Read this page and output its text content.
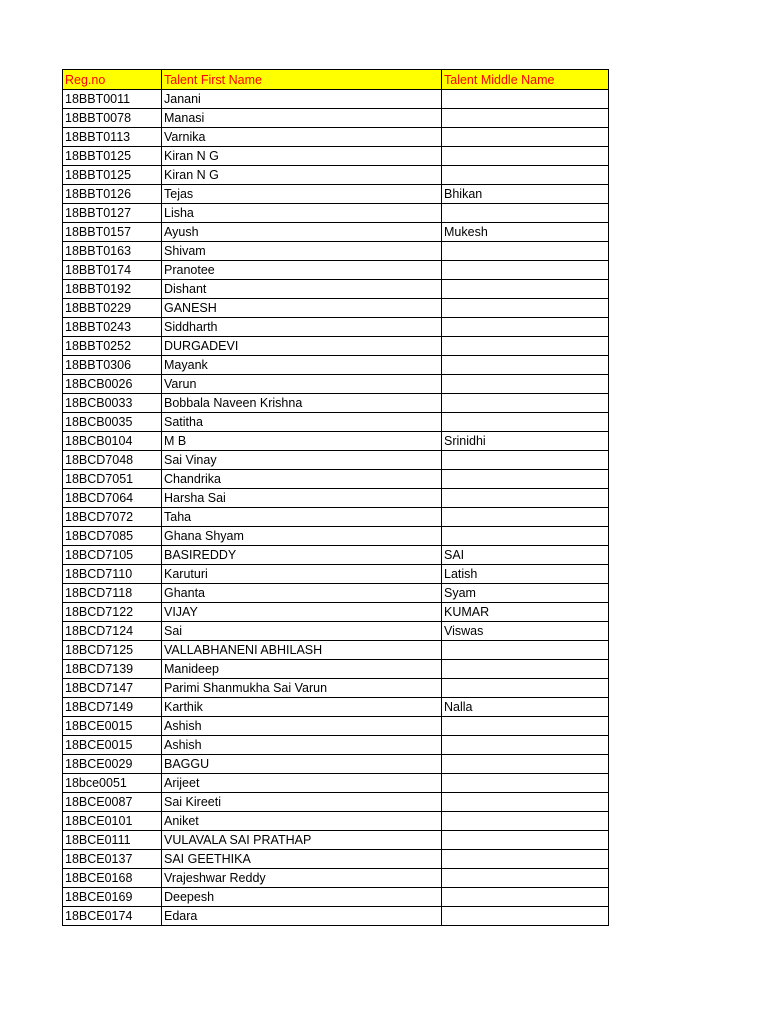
Reg.no	Talent First Name	Talent Middle Name
18BBT0011	Janani	
18BBT0078	Manasi	
18BBT0113	Varnika	
18BBT0125	Kiran N G	
18BBT0125	Kiran N G	
18BBT0126	Tejas	Bhikan
18BBT0127	Lisha	
18BBT0157	Ayush	Mukesh
18BBT0163	Shivam	
18BBT0174	Pranotee	
18BBT0192	Dishant	
18BBT0229	GANESH	
18BBT0243	Siddharth	
18BBT0252	DURGADEVI	
18BBT0306	Mayank	
18BCB0026	Varun	
18BCB0033	Bobbala Naveen Krishna	
18BCB0035	Satitha	
18BCB0104	M B	Srinidhi
18BCD7048	Sai Vinay	
18BCD7051	Chandrika	
18BCD7064	Harsha Sai	
18BCD7072	Taha	
18BCD7085	Ghana Shyam	
18BCD7105	BASIREDDY	SAI
18BCD7110	Karuturi	Latish
18BCD7118	Ghanta	Syam
18BCD7122	VIJAY	KUMAR
18BCD7124	Sai	Viswas
18BCD7125	VALLABHANENI ABHILASH	
18BCD7139	Manideep	
18BCD7147	Parimi Shanmukha Sai Varun	
18BCD7149	Karthik	Nalla
18BCE0015	Ashish	
18BCE0015	Ashish	
18BCE0029	BAGGU	
18bce0051	Arijeet	
18BCE0087	Sai Kireeti	
18BCE0101	Aniket	
18BCE0111	VULAVALA SAI PRATHAP	
18BCE0137	SAI GEETHIKA	
18BCE0168	Vrajeshwar Reddy	
18BCE0169	Deepesh	
18BCE0174	Edara	
